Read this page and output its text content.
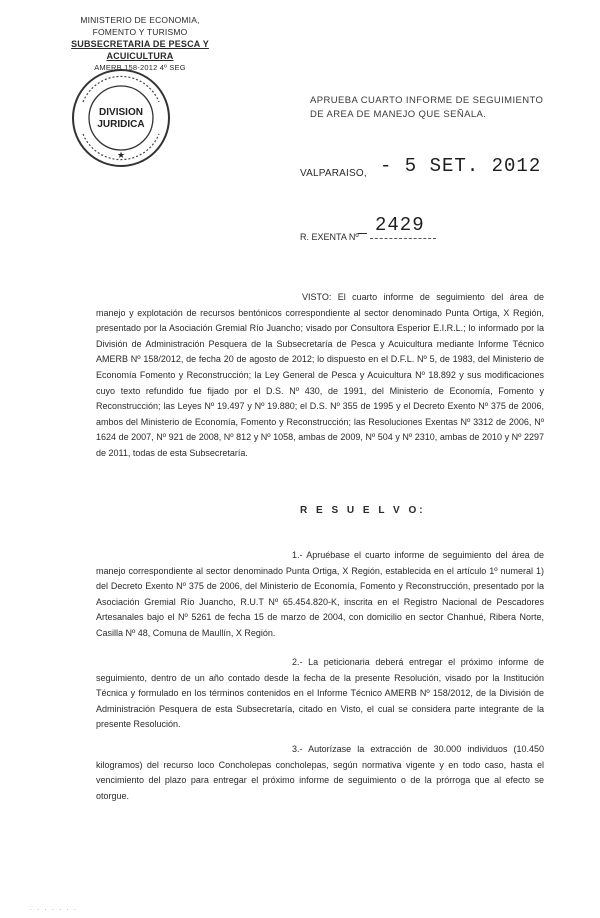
MINISTERIO DE ECONOMIA,
FOMENTO Y TURISMO
SUBSECRETARIA DE PESCA Y ACUICULTURA
AMERB 158-2012 4º SEG
DIVISION
JURIDICA
★
APRUEBA CUARTO INFORME DE SEGUIMIENTO DE AREA DE MANEJO QUE SEÑALA.
VALPARAISO, - 5 SET. 2012
R. EXENTA Nº
_ 2429
VISTO: El cuarto informe de seguimiento del área de manejo y explotación de recursos bentónicos correspondiente al sector denominado Punta Ortiga, X Región, presentado por la Asociación Gremial Río Juancho; visado por Consultora Esperior E.I.R.L.; lo informado por la División de Administración Pesquera de la Subsecretaría de Pesca y Acuicultura mediante Informe Técnico AMERB Nº 158/2012, de fecha 20 de agosto de 2012; lo dispuesto en el D.F.L. Nº 5, de 1983, del Ministerio de Economía Fomento y Reconstrucción; la Ley General de Pesca y Acuicultura Nº 18.892 y sus modificaciones cuyo texto refundido fue fijado por el D.S. Nº 430, de 1991, del Ministerio de Economía, Fomento y Reconstrucción; las Leyes Nº 19.497 y Nº 19.880; el D.S. Nº 355 de 1995 y el Decreto Exento Nº 375 de 2006, ambos del Ministerio de Economía, Fomento y Reconstrucción; las Resoluciones Exentas Nº 3312 de 2006, Nº 1624 de 2007, Nº 921 de 2008, Nº 812 y Nº 1058, ambas de 2009, Nº 504 y Nº 2310, ambas de 2010 y Nº 2297 de 2011, todas de esta Subsecretaría.
R E S U E L V O:
1.- Apruébase el cuarto informe de seguimiento del área de manejo correspondiente al sector denominado Punta Ortiga, X Región, establecida en el artículo 1º numeral 1) del Decreto Exento Nº 375 de 2006, del Ministerio de Economía, Fomento y Reconstrucción, presentado por la Asociación Gremial Río Juancho, R.U.T Nº 65.454.820-K, inscrita en el Registro Nacional de Pescadores Artesanales bajo el Nº 5261 de fecha 15 de marzo de 2004, con domicilio en sector Chanhué, Ribera Norte, Casilla Nº 48, Comuna de Maullín, X Región.
2.- La peticionaria deberá entregar el próximo informe de seguimiento, dentro de un año contado desde la fecha de la presente Resolución, visado por la Institución Técnica y formulado en los términos contenidos en el Informe Técnico AMERB Nº 158/2012, de la División de Administración Pesquera de esta Subsecretaría, citado en Visto, el cual se considera parte integrante de la presente Resolución.
3.- Autorízase la extracción de 30.000 individuos (10.450 kilogramos) del recurso loco Concholepas concholepas, según normativa vigente y en todo caso, hasta el vencimiento del plazo para entregar el próximo informe de seguimiento o de la prórroga que al efecto se otorgue.
. . . . . . .
